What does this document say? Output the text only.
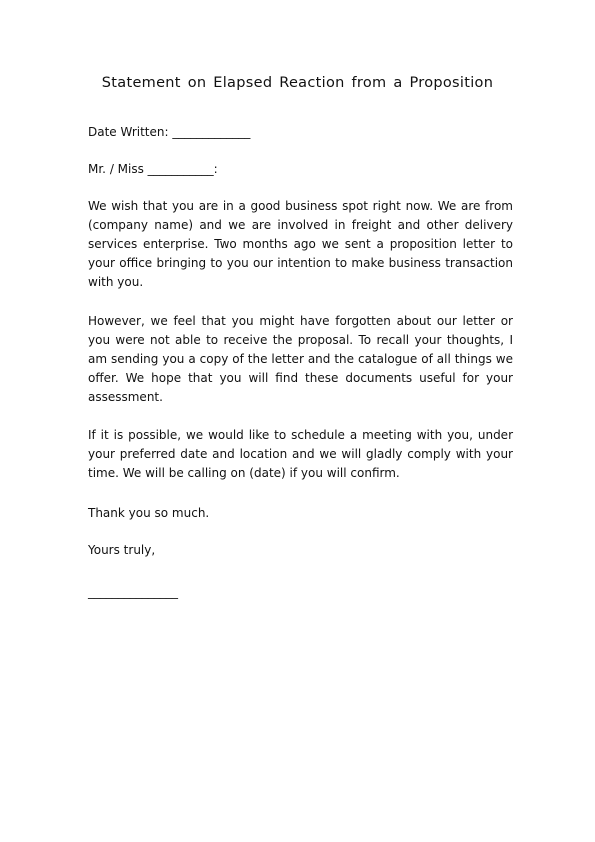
Statement on Elapsed Reaction from a Proposition

Date Written: _____________

Mr. / Miss ___________:

We wish that you are in a good business spot right now. We are from (company name) and we are involved in freight and other delivery services enterprise. Two months ago we sent a proposition letter to your office bringing to you our intention to make business transaction with you.

However, we feel that you might have forgotten about our letter or you were not able to receive the proposal. To recall your thoughts, I am sending you a copy of the letter and the catalogue of all things we offer. We hope that you will find these documents useful for your assessment.

If it is possible, we would like to schedule a meeting with you, under your preferred date and location and we will gladly comply with your time. We will be calling on (date) if you will confirm.

Thank you so much.

Yours truly,

_______________
